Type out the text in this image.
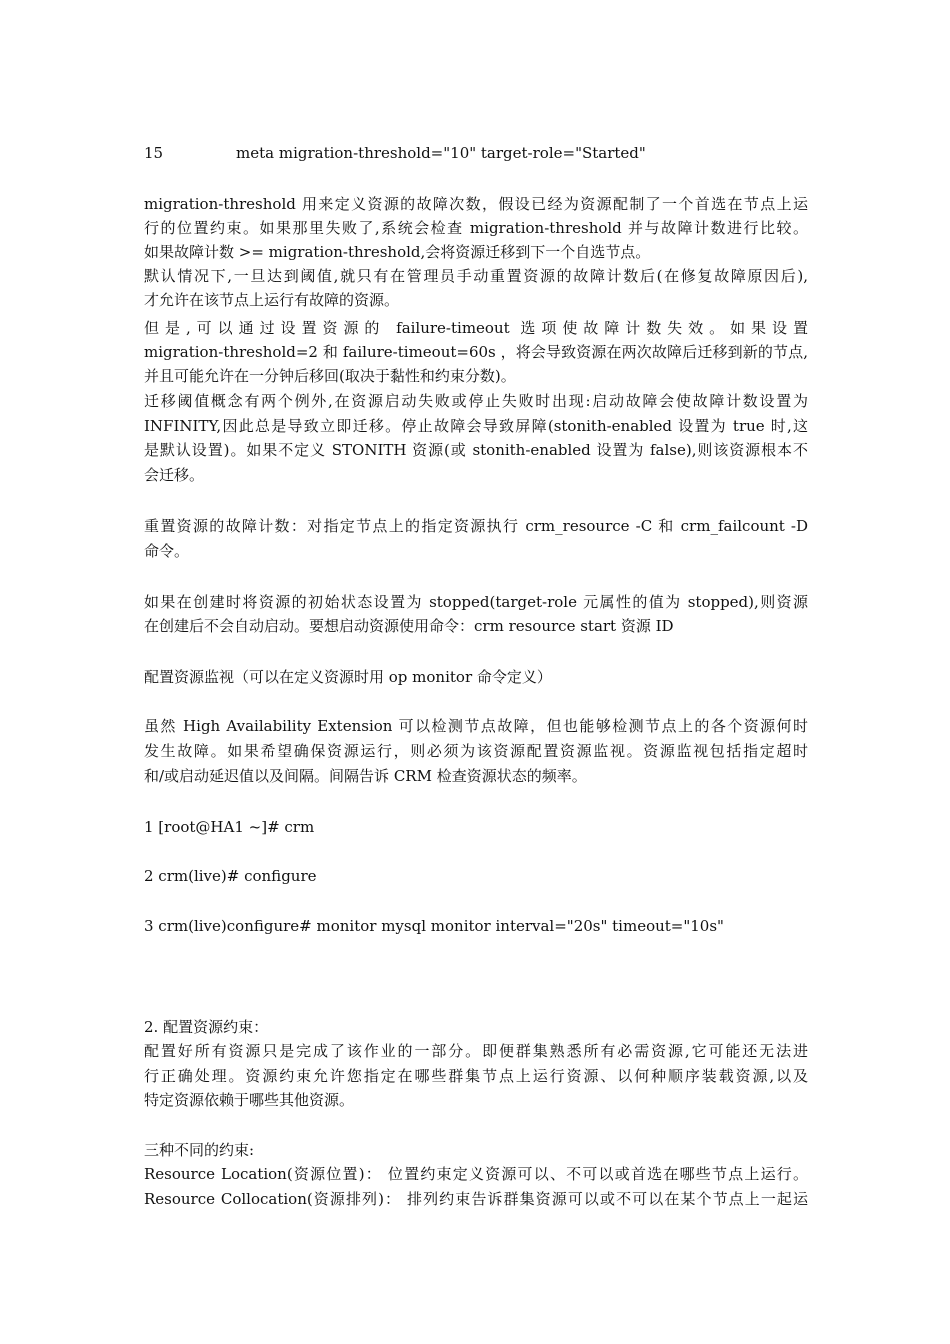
15	meta migration-threshold="10" target-role="Started"
migration-threshold 用来定义资源的故障次数，假设已经为资源配制了一个首选在节点上运
行的位置约束。如果那里失败了,系统会检查 migration-threshold 并与故障计数进行比较。
如果故障计数 >= migration-threshold,会将资源迁移到下一个自选节点。
默认情况下,一旦达到阈值,就只有在管理员手动重置资源的故障计数后(在修复故障原因后),
才允许在该节点上运行有故障的资源。
但是,可以通过设置资源的 failure-timeout 选项使故障计数失效。如果设置
migration-threshold=2 和 failure-timeout=60s ，将会导致资源在两次故障后迁移到新的节点,
并且可能允许在一分钟后移回(取决于黏性和约束分数)。
迁移阈值概念有两个例外,在资源启动失败或停止失败时出现:启动故障会使故障计数设置为
INFINITY,因此总是导致立即迁移。停止故障会导致屏障(stonith-enabled 设置为 true 时,这
是默认设置)。如果不定义 STONITH 资源(或 stonith-enabled 设置为 false),则该资源根本不
会迁移。
重置资源的故障计数：对指定节点上的指定资源执行 crm_resource -C 和 crm_failcount -D
命令。
如果在创建时将资源的初始状态设置为 stopped(target-role 元属性的值为 stopped),则资源
在创建后不会自动启动。要想启动资源使用命令：crm resource start 资源 ID
配置资源监视（可以在定义资源时用 op monitor 命令定义）
虽然 High Availability Extension 可以检测节点故障，但也能够检测节点上的各个资源何时
发生故障。如果希望确保资源运行，则必须为该资源配置资源监视。资源监视包括指定超时
和/或启动延迟值以及间隔。间隔告诉 CRM 检查资源状态的频率。
1 [root@HA1 ~]# crm
2 crm(live)# configure
3 crm(live)configure# monitor mysql monitor interval="20s" timeout="10s"
2. 配置资源约束：
配置好所有资源只是完成了该作业的一部分。即便群集熟悉所有必需资源,它可能还无法进
行正确处理。资源约束允许您指定在哪些群集节点上运行资源、以何种顺序装载资源,以及
特定资源依赖于哪些其他资源。
三种不同的约束:
Resource Location(资源位置)： 位置约束定义资源可以、不可以或首选在哪些节点上运行。
Resource Collocation(资源排列)： 排列约束告诉群集资源可以或不可以在某个节点上一起运
